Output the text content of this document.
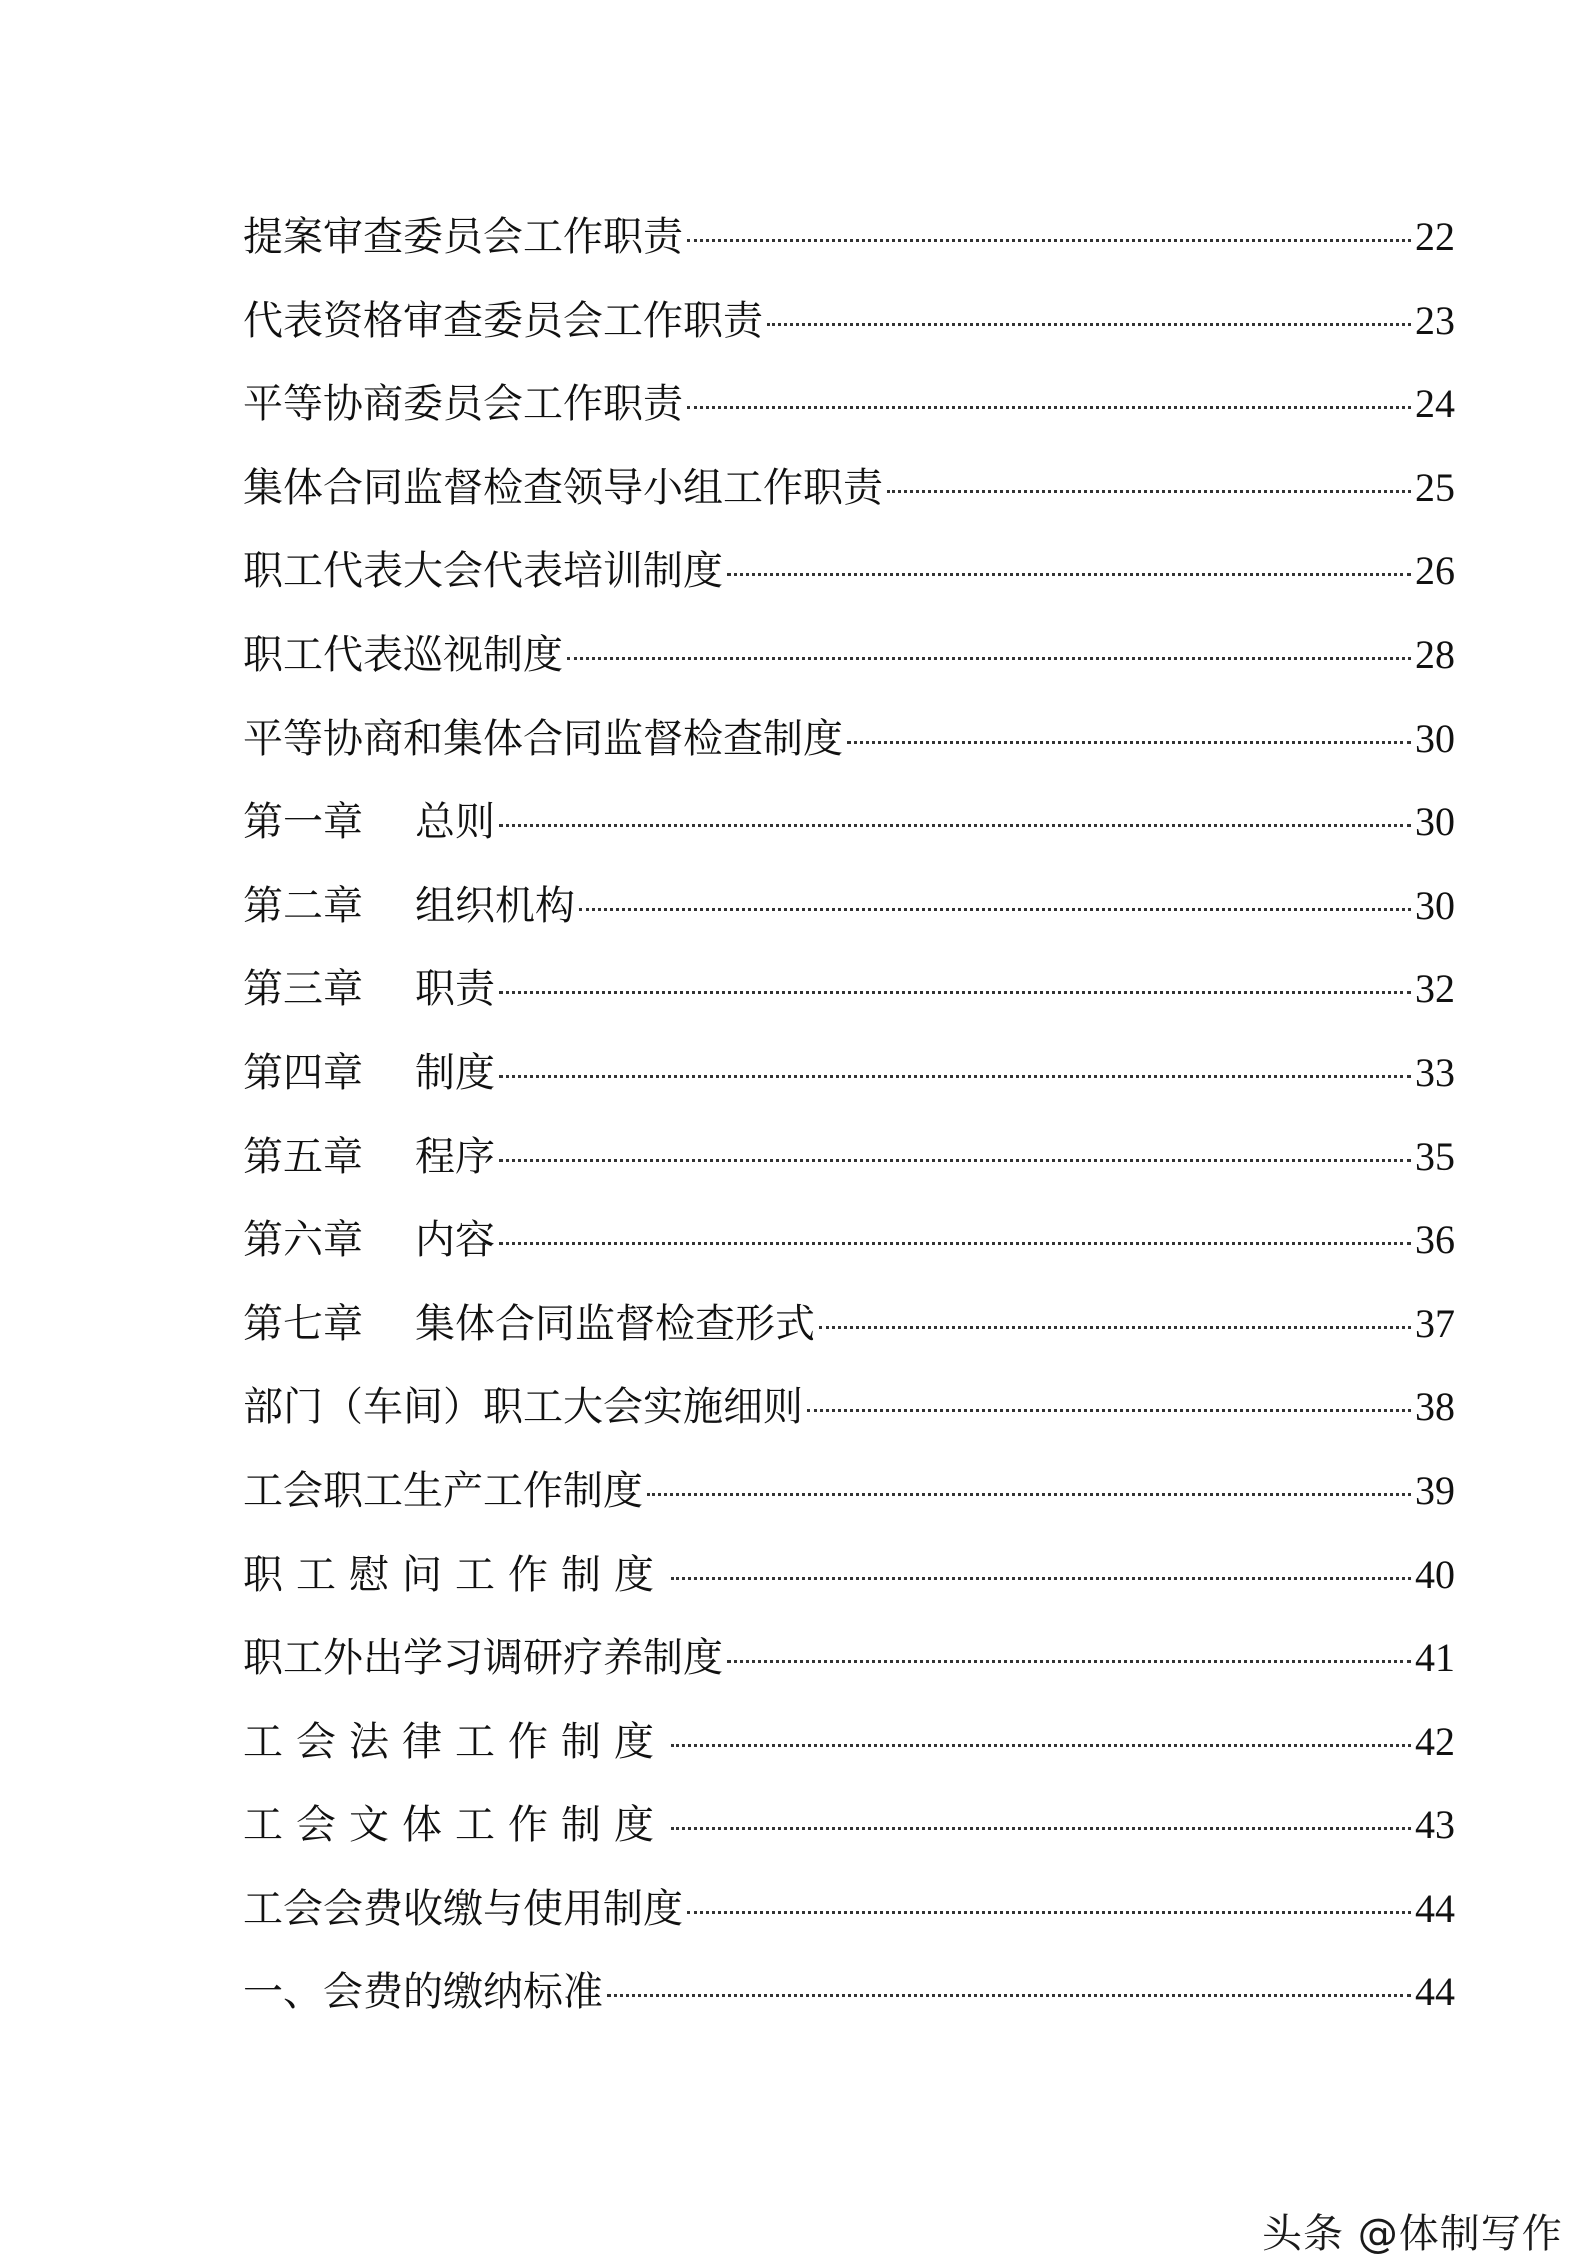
提案审查委员会工作职责	22
代表资格审查委员会工作职责	23
平等协商委员会工作职责	24
集体合同监督检查领导小组工作职责	25
职工代表大会代表培训制度	26
职工代表巡视制度	28
平等协商和集体合同监督检查制度	30
第一章	总则	30
第二章	组织机构	30
第三章	职责	32
第四章	制度	33
第五章	程序	35
第六章	内容	36
第七章	集体合同监督检查形式	37
部门（车间）职工大会实施细则	38
工会职工生产工作制度	39
职工慰问工作制度	40
职工外出学习调研疗养制度	41
工会法律工作制度	42
工会文体工作制度	43
工会会费收缴与使用制度	44
一、会费的缴纳标准	44
头条 @体制写作
